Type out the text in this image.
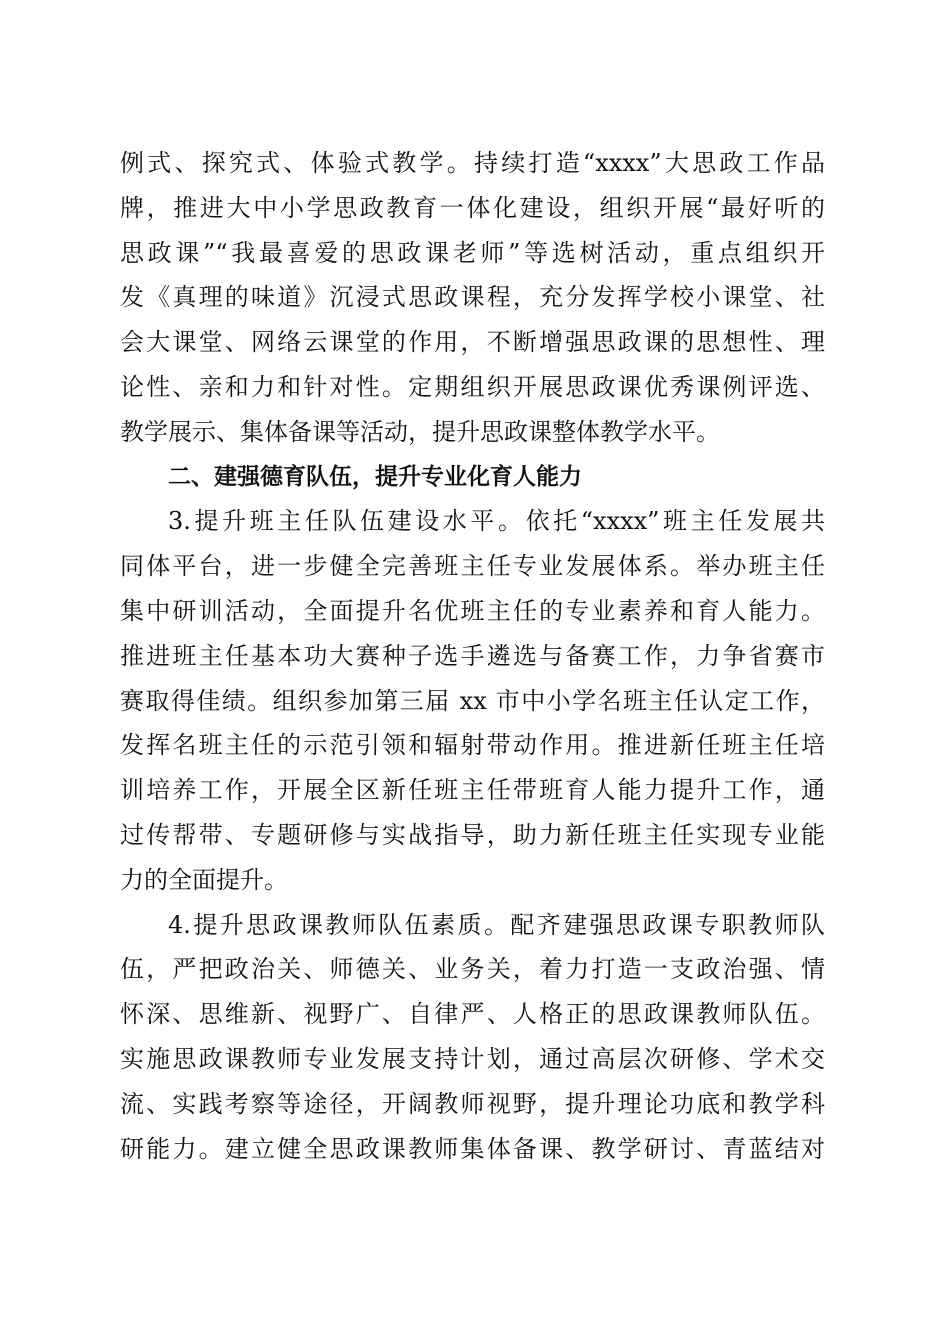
例式、探究式、体验式教学。持续打造“xxxx”大思政工作品
牌，推进大中小学思政教育一体化建设，组织开展“最好听的
思政课”“我最喜爱的思政课老师”等选树活动，重点组织开
发《真理的味道》沉浸式思政课程，充分发挥学校小课堂、社
会大课堂、网络云课堂的作用，不断增强思政课的思想性、理
论性、亲和力和针对性。定期组织开展思政课优秀课例评选、
教学展示、集体备课等活动，提升思政课整体教学水平。
二、建强德育队伍，提升专业化育人能力
3.提升班主任队伍建设水平。依托“xxxx”班主任发展共
同体平台，进一步健全完善班主任专业发展体系。举办班主任
集中研训活动，全面提升名优班主任的专业素养和育人能力。
推进班主任基本功大赛种子选手遴选与备赛工作，力争省赛市
赛取得佳绩。组织参加第三届 xx 市中小学名班主任认定工作，
发挥名班主任的示范引领和辐射带动作用。推进新任班主任培
训培养工作，开展全区新任班主任带班育人能力提升工作，通
过传帮带、专题研修与实战指导，助力新任班主任实现专业能
力的全面提升。
4.提升思政课教师队伍素质。配齐建强思政课专职教师队
伍，严把政治关、师德关、业务关，着力打造一支政治强、情
怀深、思维新、视野广、自律严、人格正的思政课教师队伍。
实施思政课教师专业发展支持计划，通过高层次研修、学术交
流、实践考察等途径，开阔教师视野，提升理论功底和教学科
研能力。建立健全思政课教师集体备课、教学研讨、青蓝结对
